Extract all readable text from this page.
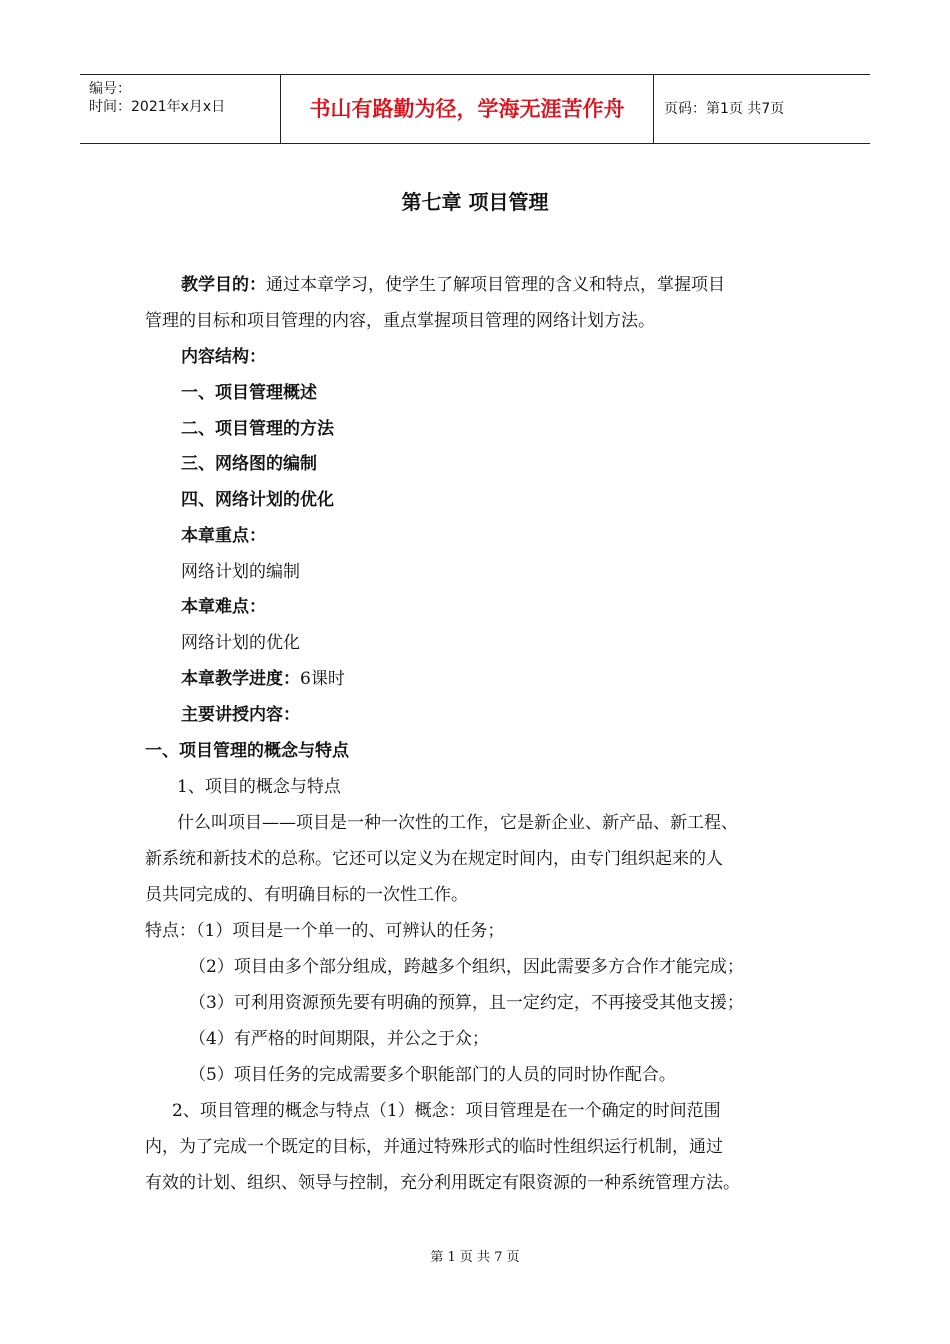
编号：
时间：2021年x月x日	书山有路勤为径，学海无涯苦作舟	页码：第1页 共7页
第七章 项目管理
教学目的：通过本章学习，使学生了解项目管理的含义和特点，掌握项目
管理的目标和项目管理的内容，重点掌握项目管理的网络计划方法。
内容结构：
一、项目管理概述
二、项目管理的方法
三、网络图的编制
四、网络计划的优化
本章重点：
网络计划的编制
本章难点：
网络计划的优化
本章教学进度：6课时
主要讲授内容：
一、项目管理的概念与特点
1、项目的概念与特点
什么叫项目——项目是一种一次性的工作，它是新企业、新产品、新工程、
新系统和新技术的总称。它还可以定义为在规定时间内，由专门组织起来的人
员共同完成的、有明确目标的一次性工作。
特点：（1）项目是一个单一的、可辨认的任务；
（2）项目由多个部分组成，跨越多个组织，因此需要多方合作才能完成；
（3）可利用资源预先要有明确的预算，且一定约定，不再接受其他支援；
（4）有严格的时间期限，并公之于众；
（5）项目任务的完成需要多个职能部门的人员的同时协作配合。
2、项目管理的概念与特点（1）概念：项目管理是在一个确定的时间范围
内，为了完成一个既定的目标，并通过特殊形式的临时性组织运行机制，通过
有效的计划、组织、领导与控制，充分利用既定有限资源的一种系统管理方法。
第 1 页 共 7 页
